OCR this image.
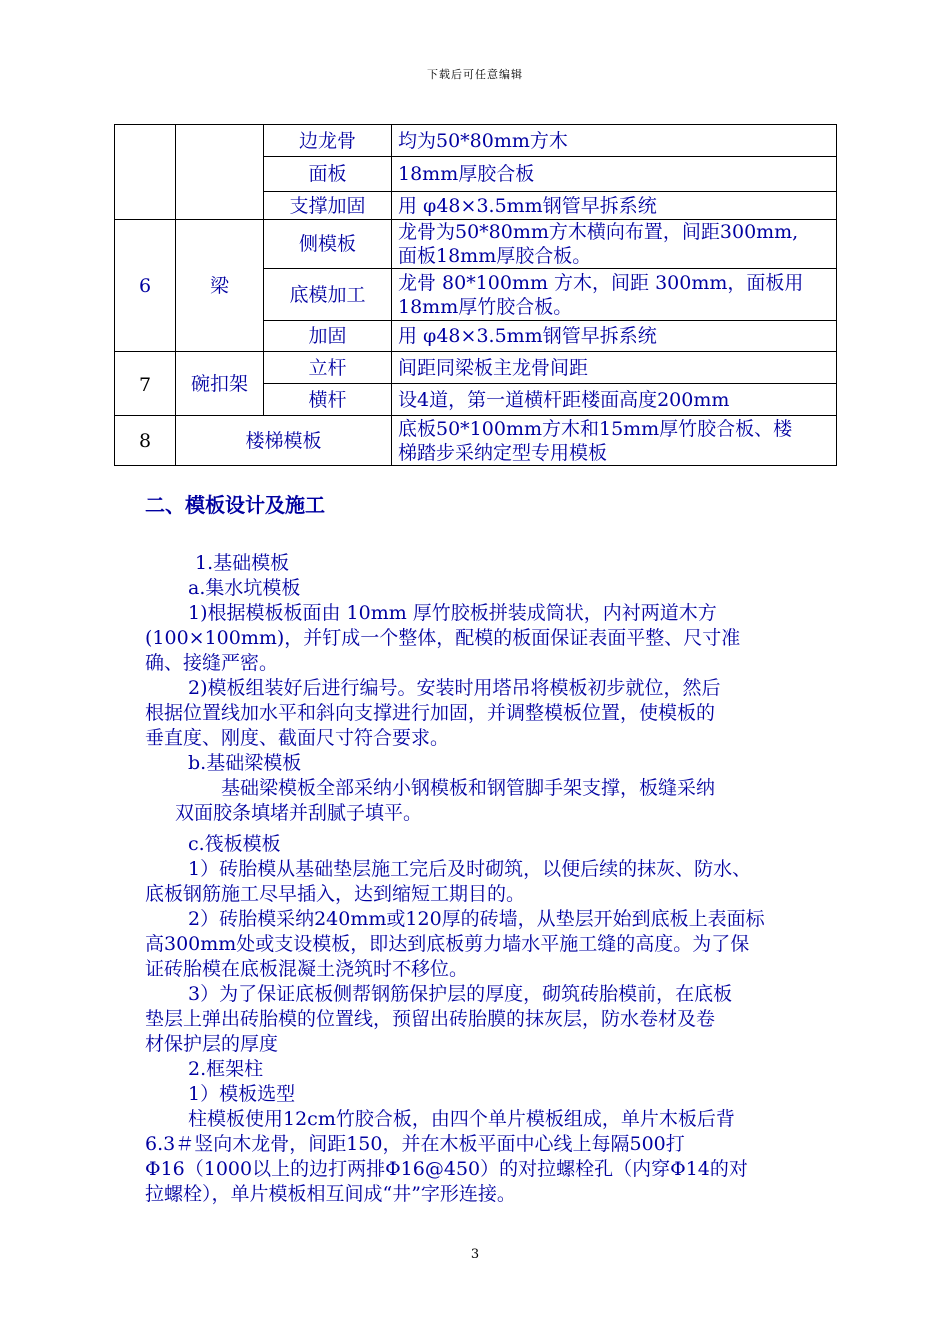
下载后可任意编辑
		边龙骨	均为50*80mm方木
		面板	18mm厚胶合板
		支撑加固	用 φ48×3.5mm钢管早拆系统
6	梁	侧模板	龙骨为50*80mm方木横向布置，间距300mm,
面板18mm厚胶合板。

		底模加工	龙骨 80*100mm 方木，间距 300mm，面板用
18mm厚竹胶合板。

		加固	用 φ48×3.5mm钢管早拆系统
7	碗扣架	立杆	间距同梁板主龙骨间距
		横杆	设4道，第一道横杆距楼面高度200mm
8	楼梯模板		底板50*100mm方木和15mm厚竹胶合板、楼
梯踏步采纳定型专用模板
二、模板设计及施工

1.基础模板

a.集水坑模板

1)根据模板板面由 10mm 厚竹胶板拼装成筒状，内衬两道木方

(100×100mm)，并钉成一个整体，配模的板面保证表面平整、尺寸准

确、接缝严密。

2)模板组装好后进行编号。安装时用塔吊将模板初步就位，然后

根据位置线加水平和斜向支撑进行加固，并调整模板位置，使模板的

垂直度、刚度、截面尺寸符合要求。

b.基础梁模板

基础梁模板全部采纳小钢模板和钢管脚手架支撑，板缝采纳

双面胶条填堵并刮腻子填平。

c.筏板模板

1）砖胎模从基础垫层施工完后及时砌筑，以便后续的抹灰、防水、

底板钢筋施工尽早插入，达到缩短工期目的。

2）砖胎模采纳240mm或120厚的砖墙，从垫层开始到底板上表面标

高300mm处或支设模板，即达到底板剪力墙水平施工缝的高度。为了保

证砖胎模在底板混凝土浇筑时不移位。

3）为了保证底板侧帮钢筋保护层的厚度，砌筑砖胎模前，在底板

垫层上弹出砖胎模的位置线，预留出砖胎膜的抹灰层，防水卷材及卷

材保护层的厚度

2.框架柱

1）模板选型

柱模板使用12cm竹胶合板，由四个单片模板组成，单片木板后背

6.3＃竖向木龙骨，间距150，并在木板平面中心线上每隔500打

Φ16（1000以上的边打两排Φ16@450）的对拉螺栓孔（内穿Φ14的对

拉螺栓），单片模板相互间成“井”字形连接。

3
